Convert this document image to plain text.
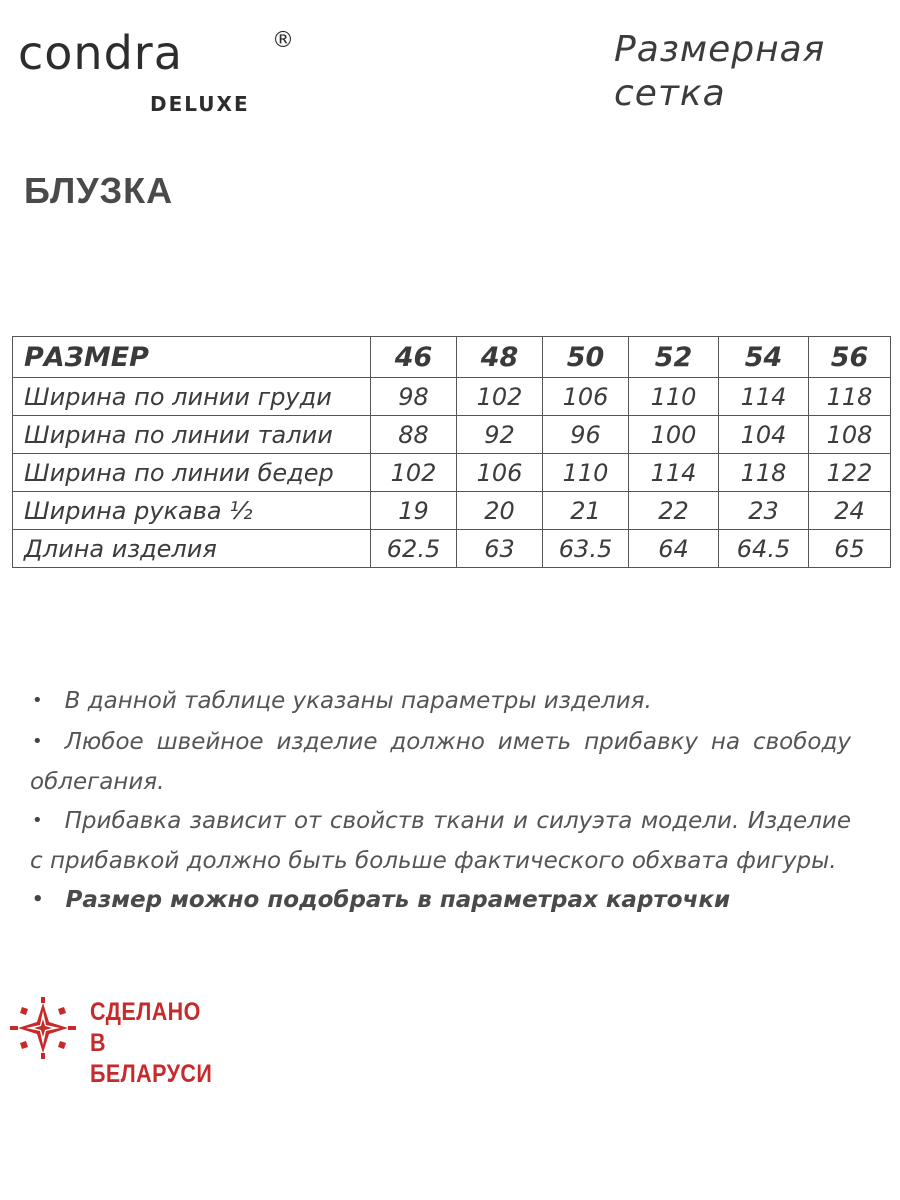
condra	®
DELUXE
Размерная
сетка
БЛУЗКА
РАЗМЕР	46	48	50	52	54	56
Ширина по линии груди	98	102	106	110	114	118
Ширина по линии талии	88	92	96	100	104	108
Ширина по линии бедер	102	106	110	114	118	122
Ширина рукава ½	19	20	21	22	23	24
Длина изделия	62.5	63	63.5	64	64.5	65

• В данной таблице указаны параметры изделия.

• Любое швейное изделие должно иметь прибавку на свободу облегания.

• Прибавка зависит от свойств ткани и силуэта модели. Изделие с прибавкой должно быть больше фактического обхвата фигуры.

• Размер можно подобрать в параметрах карточки

СДЕЛАНО
В БЕЛАРУСИ
